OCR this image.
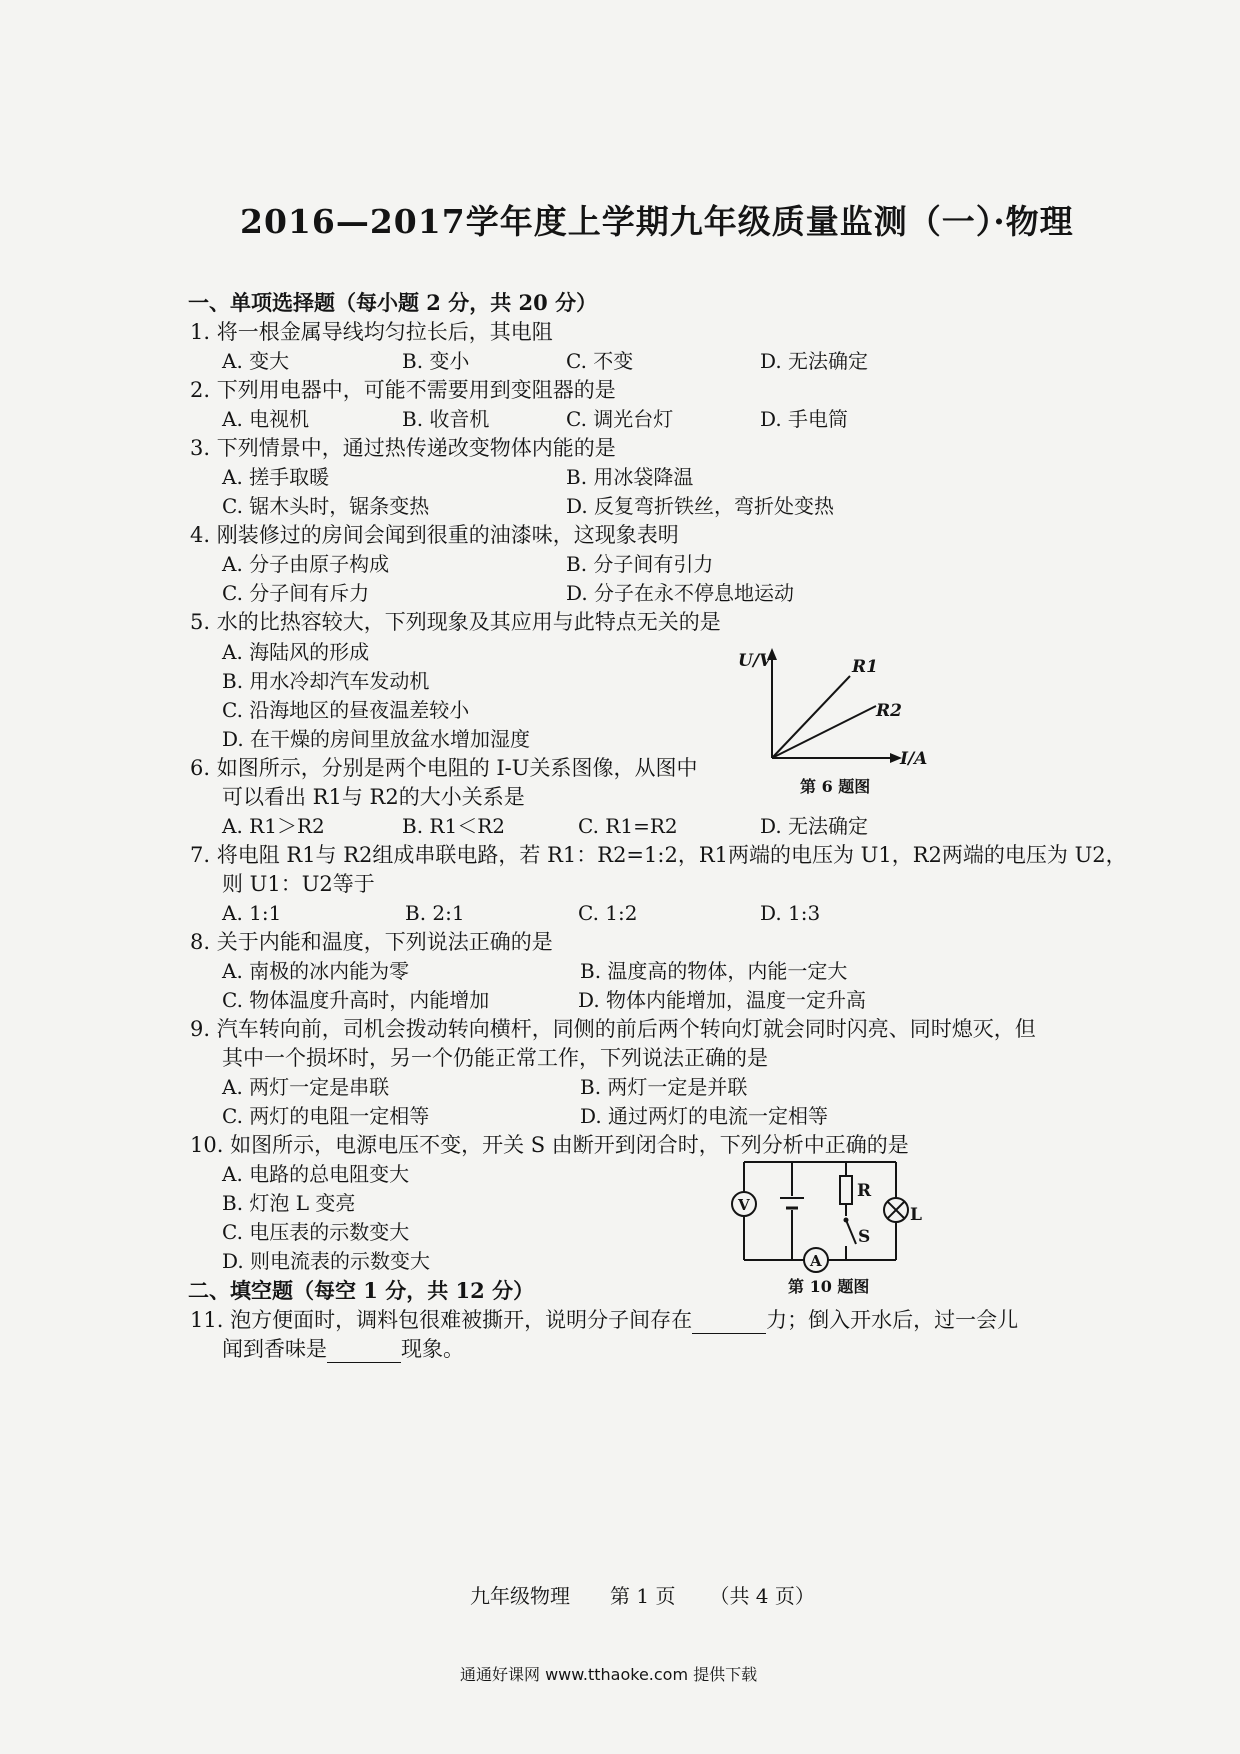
2016—2017学年度上学期九年级质量监测（一）·物理
一、单项选择题（每小题 2 分，共 20 分）
1. 将一根金属导线均匀拉长后，其电阻
A. 变大	B. 变小	C. 不变	D. 无法确定
2. 下列用电器中，可能不需要用到变阻器的是
A. 电视机	B. 收音机	C. 调光台灯	D. 手电筒
3. 下列情景中，通过热传递改变物体内能的是
A. 搓手取暖	B. 用冰袋降温
C. 锯木头时，锯条变热	D. 反复弯折铁丝，弯折处变热
4. 刚装修过的房间会闻到很重的油漆味，这现象表明
A. 分子由原子构成	B. 分子间有引力
C. 分子间有斥力	D. 分子在永不停息地运动
5. 水的比热容较大，下列现象及其应用与此特点无关的是
A. 海陆风的形成
B. 用水冷却汽车发动机
C. 沿海地区的昼夜温差较小
D. 在干燥的房间里放盆水增加湿度
U/V
I/A
R1
R2
第 6 题图
6. 如图所示，分别是两个电阻的 I-U关系图像，从图中
可以看出 R1与 R2的大小关系是
A. R1＞R2	B. R1＜R2	C. R1=R2	D. 无法确定
7. 将电阻 R1与 R2组成串联电路，若 R1：R2=1:2，R1两端的电压为 U1，R2两端的电压为 U2，
则 U1：U2等于
A. 1:1	B. 2:1	C. 1:2	D. 1:3
8. 关于内能和温度，下列说法正确的是
A. 南极的冰内能为零	B. 温度高的物体，内能一定大
C. 物体温度升高时，内能增加	D. 物体内能增加，温度一定升高
9. 汽车转向前，司机会拨动转向横杆，同侧的前后两个转向灯就会同时闪亮、同时熄灭，但
其中一个损坏时，另一个仍能正常工作，下列说法正确的是
A. 两灯一定是串联	B. 两灯一定是并联
C. 两灯的电阻一定相等	D. 通过两灯的电流一定相等
10. 如图所示，电源电压不变，开关 S 由断开到闭合时，下列分析中正确的是
A. 电路的总电阻变大
B. 灯泡 L 变亮
C. 电压表的示数变大
D. 则电流表的示数变大
V
A
R
S
L
第 10 题图
二、填空题（每空 1 分，共 12 分）
11. 泡方便面时，调料包很难被撕开，说明分子间存在	力；倒入开水后，过一会儿
闻到香味是	现象。
九年级物理 第 1 页 （共 4 页）
通通好课网 www.tthaoke.com 提供下载
